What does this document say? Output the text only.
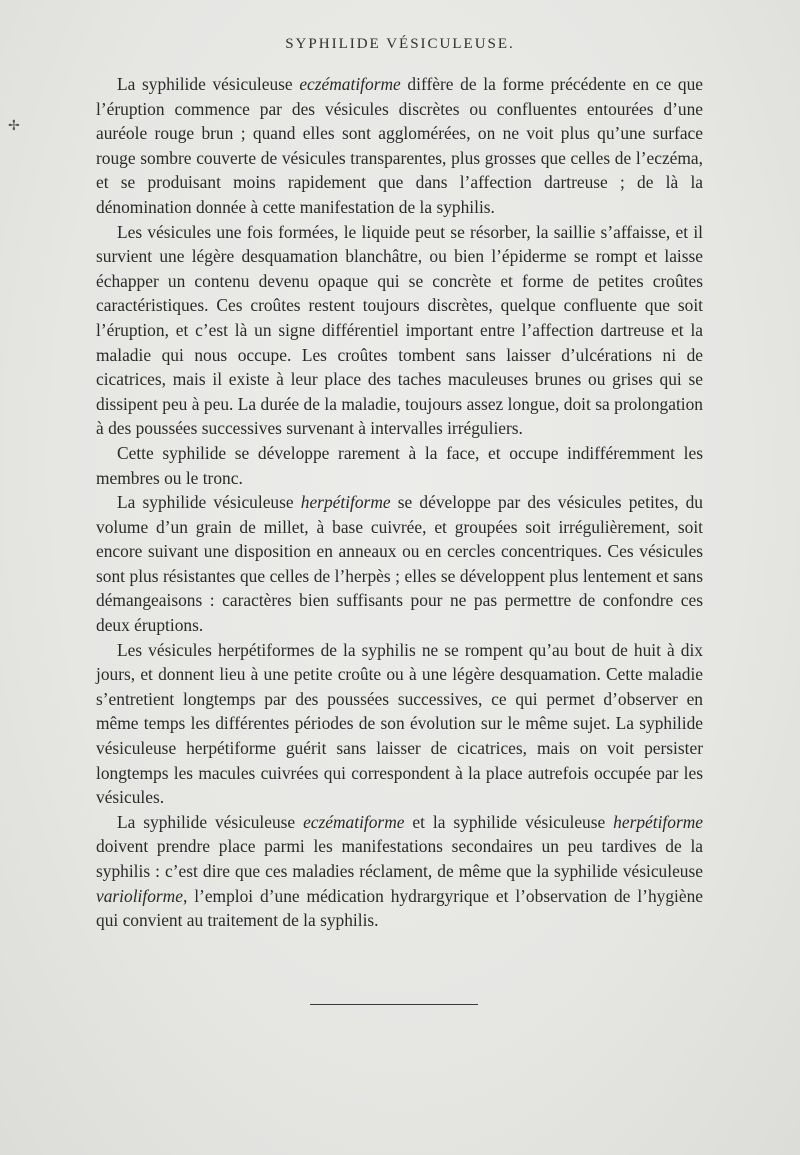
✢
SYPHILIDE VÉSICULEUSE.

La syphilide vésiculeuse eczématiforme diffère de la forme précédente en ce que l’éruption commence par des vésicules discrètes ou confluentes entourées d’une auréole rouge brun ; quand elles sont agglomérées, on ne voit plus qu’une surface rouge sombre couverte de vésicules transparentes, plus grosses que celles de l’eczéma, et se produisant moins rapidement que dans l’affection dartreuse ; de là la dénomination donnée à cette manifestation de la syphilis.

Les vésicules une fois formées, le liquide peut se résorber, la saillie s’affaisse, et il survient une légère desquamation blanchâtre, ou bien l’épiderme se rompt et laisse échapper un contenu devenu opaque qui se concrète et forme de petites croûtes caractéristiques. Ces croûtes restent toujours discrètes, quelque confluente que soit l’éruption, et c’est là un signe différentiel important entre l’affection dartreuse et la maladie qui nous occupe. Les croûtes tombent sans laisser d’ulcérations ni de cicatrices, mais il existe à leur place des taches maculeuses brunes ou grises qui se dissipent peu à peu. La durée de la maladie, toujours assez longue, doit sa prolongation à des poussées successives survenant à intervalles irréguliers.

Cette syphilide se développe rarement à la face, et occupe indifféremment les membres ou le tronc.

La syphilide vésiculeuse herpétiforme se développe par des vésicules petites, du volume d’un grain de millet, à base cuivrée, et groupées soit irrégulièrement, soit encore suivant une disposition en anneaux ou en cercles concentriques. Ces vésicules sont plus résistantes que celles de l’herpès ; elles se développent plus lentement et sans démangeaisons : caractères bien suffisants pour ne pas permettre de confondre ces deux éruptions.

Les vésicules herpétiformes de la syphilis ne se rompent qu’au bout de huit à dix jours, et donnent lieu à une petite croûte ou à une légère desquamation. Cette maladie s’entretient longtemps par des poussées successives, ce qui permet d’observer en même temps les différentes périodes de son évolution sur le même sujet. La syphilide vésiculeuse herpétiforme guérit sans laisser de cicatrices, mais on voit persister longtemps les macules cuivrées qui correspondent à la place autrefois occupée par les vésicules.

La syphilide vésiculeuse eczématiforme et la syphilide vésiculeuse herpétiforme doivent prendre place parmi les manifestations secondaires un peu tardives de la syphilis : c’est dire que ces maladies réclament, de même que la syphilide vésiculeuse varioliforme, l’emploi d’une médication hydrargyrique et l’observation de l’hygiène qui convient au traitement de la syphilis.
